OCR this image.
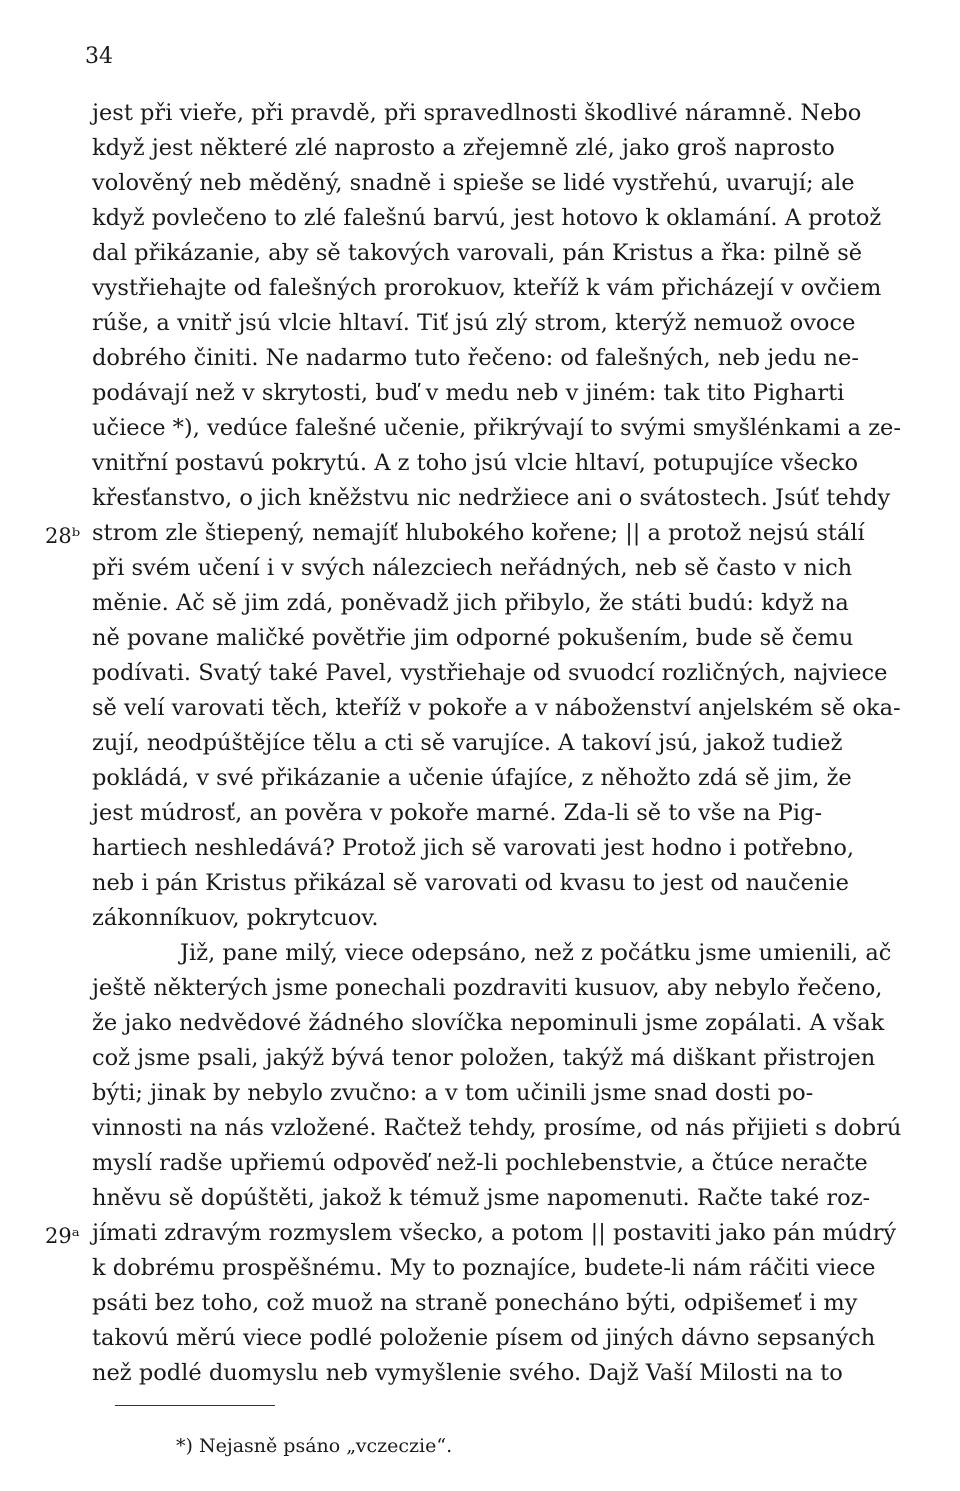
34
jest při vieře, při pravdě, při spravedlnosti škodlivé náramně. Nebo
když jest některé zlé naprosto a zřejemně zlé, jako groš naprosto
volověný neb měděný, snadně i spieše se lidé vystřehú, uvarují; ale
když povlečeno to zlé falešnú barvú, jest hotovo k oklamání. A protož
dal přikázanie, aby sě takových varovali, pán Kristus a řka: pilně sě
vystřiehajte od falešných prorokuov, kteříž k vám přicházejí v ovčiem
rúše, a vnitř jsú vlcie hltaví. Tiť jsú zlý strom, kterýž nemuož ovoce
dobrého činiti. Ne nadarmo tuto řečeno: od falešných, neb jedu ne-
podávají než v skrytosti, buď v medu neb v jiném: tak tito Pigharti
učiece *), vedúce falešné učenie, přikrývají to svými smyšlénkami a ze-
vnitřní postavú pokrytú. A z toho jsú vlcie hltaví, potupujíce všecko
křesťanstvo, o jich kněžstvu nic nedržiece ani o svátostech. Jsúť tehdy
strom zle štiepený, nemajíť hlubokého kořene; || a protož nejsú stálí
při svém učení i v svých nálezciech neřádných, neb sě často v nich
měnie. Ač sě jim zdá, poněvadž jich přibylo, že státi budú: když na
ně povane maličké povětřie jim odporné pokušením, bude sě čemu
podívati. Svatý také Pavel, vystřiehaje od svuodcí rozličných, najviece
sě velí varovati těch, kteříž v pokoře a v náboženství anjelském sě oka-
zují, neodpúštějíce tělu a cti sě varujíce. A takoví jsú, jakož tudiež
pokládá, v své přikázanie a učenie úfajíce, z něhožto zdá sě jim, že
jest múdrosť, an pověra v pokoře marné. Zda-li sě to vše na Pig-
hartiech neshledává? Protož jich sě varovati jest hodno i potřebno,
neb i pán Kristus přikázal sě varovati od kvasu to jest od naučenie
zákonníkuov, pokrytcuov.
Již, pane milý, viece odepsáno, než z počátku jsme umienili, ač
ještě některých jsme ponechali pozdraviti kusuov, aby nebylo řečeno,
že jako nedvědové žádného slovíčka nepominuli jsme zopálati. A však
což jsme psali, jakýž bývá tenor položen, takýž má diškant přistrojen
býti; jinak by nebylo zvučno: a v tom učinili jsme snad dosti po-
vinnosti na nás vzložené. Račtež tehdy, prosíme, od nás přijieti s dobrú
myslí radše upřiemú odpověď než-li pochlebenstvie, a čtúce neračte
hněvu sě dopúštěti, jakož k témuž jsme napomenuti. Račte také roz-
jímati zdravým rozmyslem všecko, a potom || postaviti jako pán múdrý
k dobrému prospěšnému. My to poznajíce, budete-li nám ráčiti viece
psáti bez toho, což muož na straně ponecháno býti, odpišemeť i my
takovú měrú viece podlé položenie písem od jiných dávno sepsaných
než podlé duomyslu neb vymyšlenie svého. Dajž Vaší Milosti na to
28ᵇ
29ᵃ
*) Nejasně psáno „vczeczie“.
